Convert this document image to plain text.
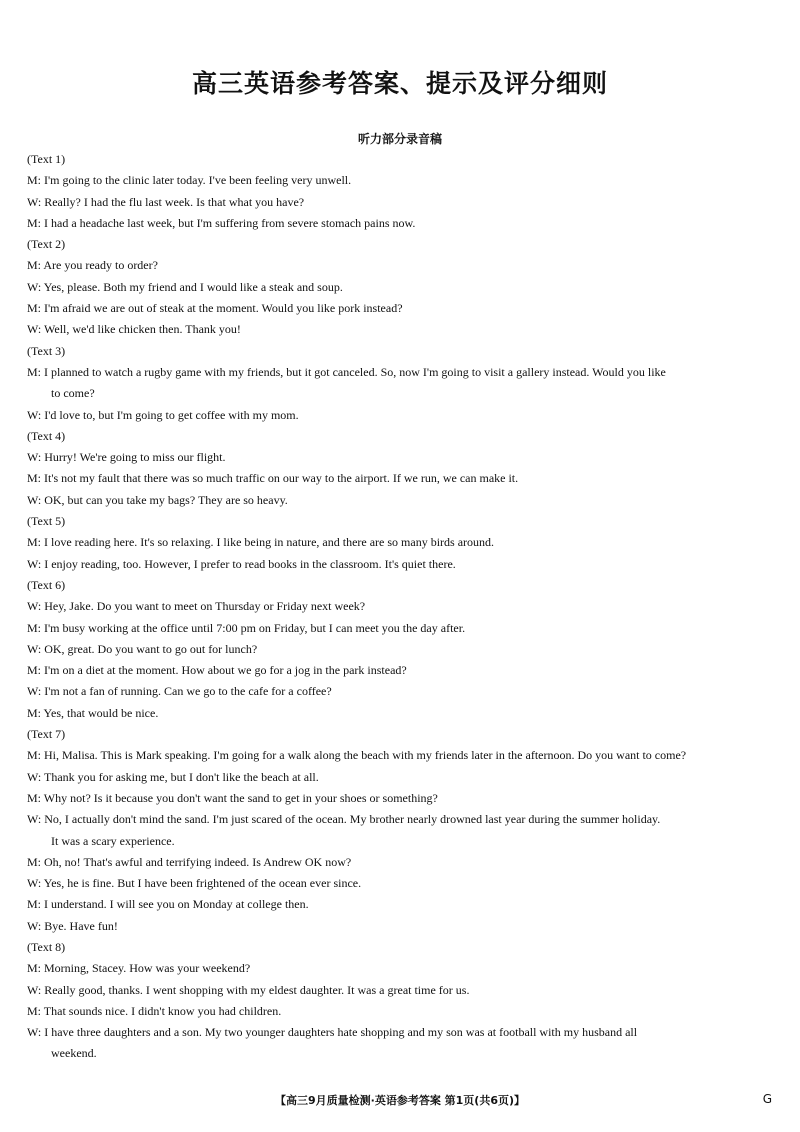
高三英语参考答案、提示及评分细则
听力部分录音稿
(Text 1)
M: I'm going to the clinic later today. I've been feeling very unwell.
W: Really? I had the flu last week. Is that what you have?
M: I had a headache last week, but I'm suffering from severe stomach pains now.
(Text 2)
M: Are you ready to order?
W: Yes, please. Both my friend and I would like a steak and soup.
M: I'm afraid we are out of steak at the moment. Would you like pork instead?
W: Well, we'd like chicken then. Thank you!
(Text 3)
M: I planned to watch a rugby game with my friends, but it got canceled. So, now I'm going to visit a gallery instead. Would you like
to come?
W: I'd love to, but I'm going to get coffee with my mom.
(Text 4)
W: Hurry! We're going to miss our flight.
M: It's not my fault that there was so much traffic on our way to the airport. If we run, we can make it.
W: OK, but can you take my bags? They are so heavy.
(Text 5)
M: I love reading here. It's so relaxing. I like being in nature, and there are so many birds around.
W: I enjoy reading, too. However, I prefer to read books in the classroom. It's quiet there.
(Text 6)
W: Hey, Jake. Do you want to meet on Thursday or Friday next week?
M: I'm busy working at the office until 7:00 pm on Friday, but I can meet you the day after.
W: OK, great. Do you want to go out for lunch?
M: I'm on a diet at the moment. How about we go for a jog in the park instead?
W: I'm not a fan of running. Can we go to the cafe for a coffee?
M: Yes, that would be nice.
(Text 7)
M: Hi, Malisa. This is Mark speaking. I'm going for a walk along the beach with my friends later in the afternoon. Do you want to come?
W: Thank you for asking me, but I don't like the beach at all.
M: Why not? Is it because you don't want the sand to get in your shoes or something?
W: No, I actually don't mind the sand. I'm just scared of the ocean. My brother nearly drowned last year during the summer holiday.
It was a scary experience.
M: Oh, no! That's awful and terrifying indeed. Is Andrew OK now?
W: Yes, he is fine. But I have been frightened of the ocean ever since.
M: I understand. I will see you on Monday at college then.
W: Bye. Have fun!
(Text 8)
M: Morning, Stacey. How was your weekend?
W: Really good, thanks. I went shopping with my eldest daughter. It was a great time for us.
M: That sounds nice. I didn't know you had children.
W: I have three daughters and a son. My two younger daughters hate shopping and my son was at football with my husband all
weekend.
【高三9月质量检测·英语参考答案 第1页(共6页)】	G
